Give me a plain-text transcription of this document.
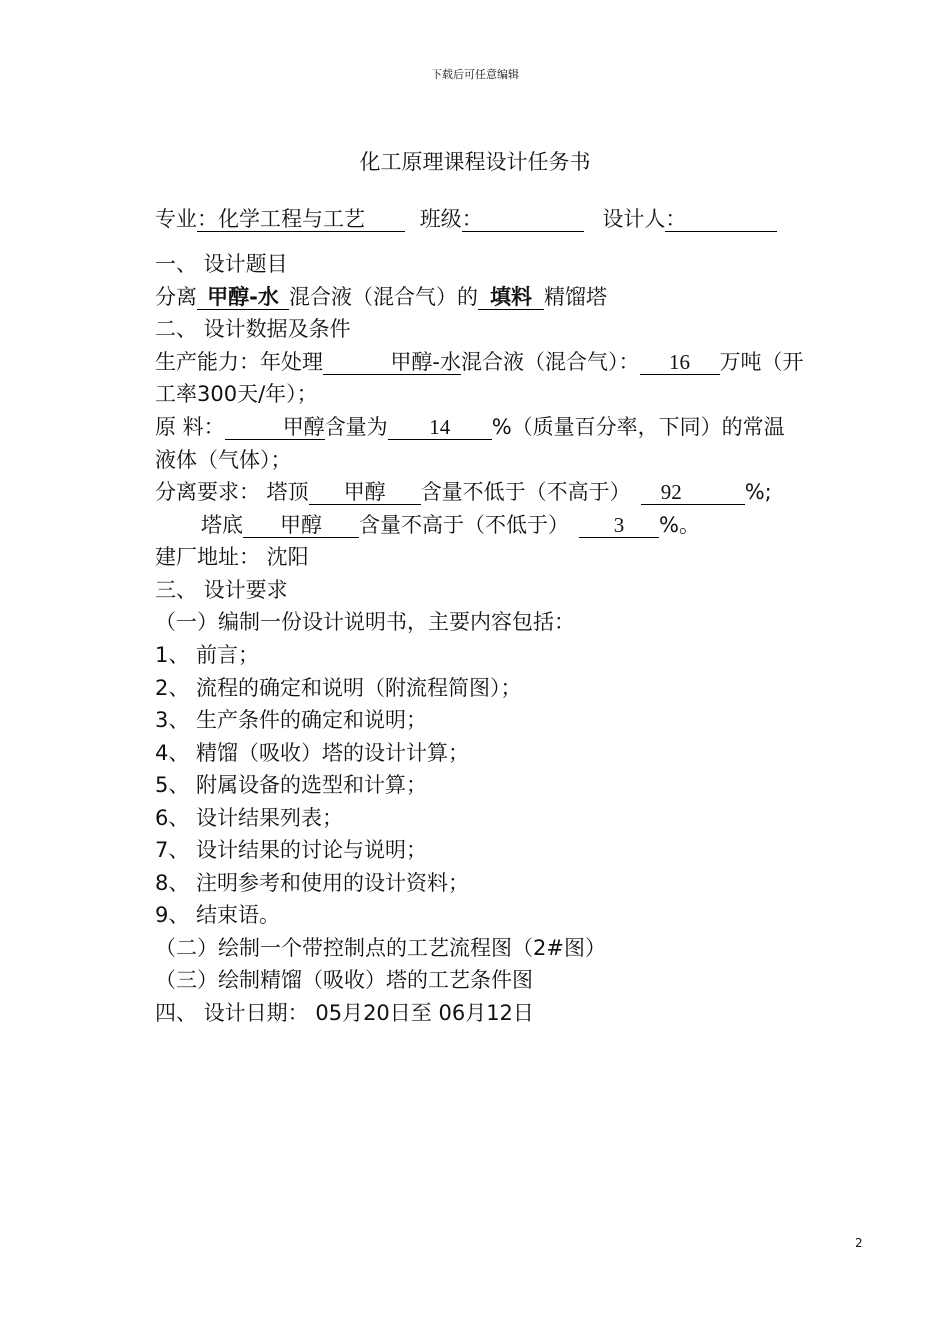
下载后可任意编辑
化工原理课程设计任务书
专业：化学工程与工艺	班级：	设计人：
一、 设计题目
分离 甲醇-水 混合液（混合气）的 填料 精馏塔
二、 设计数据及条件
生产能力：年处理	甲醇-水混合液（混合气）： 16 万吨（开
工率300天/年）；
原 料：	甲醇含量为 14 %（质量百分率，下同）的常温
液体（气体）；
分离要求： 塔顶 甲醇 含量不低于（不高于） 92	%;
塔底 甲醇 含量不高于（不低于） 3 %。
建厂地址： 沈阳
三、 设计要求
（一）编制一份设计说明书，主要内容包括：
1、 前言；
2、 流程的确定和说明（附流程简图）；
3、 生产条件的确定和说明；
4、 精馏（吸收）塔的设计计算；
5、 附属设备的选型和计算；
6、 设计结果列表；
7、 设计结果的讨论与说明；
8、 注明参考和使用的设计资料；
9、 结束语。
（二）绘制一个带控制点的工艺流程图（2#图）
（三）绘制精馏（吸收）塔的工艺条件图
四、 设计日期： 05月20日至 06月12日
2
